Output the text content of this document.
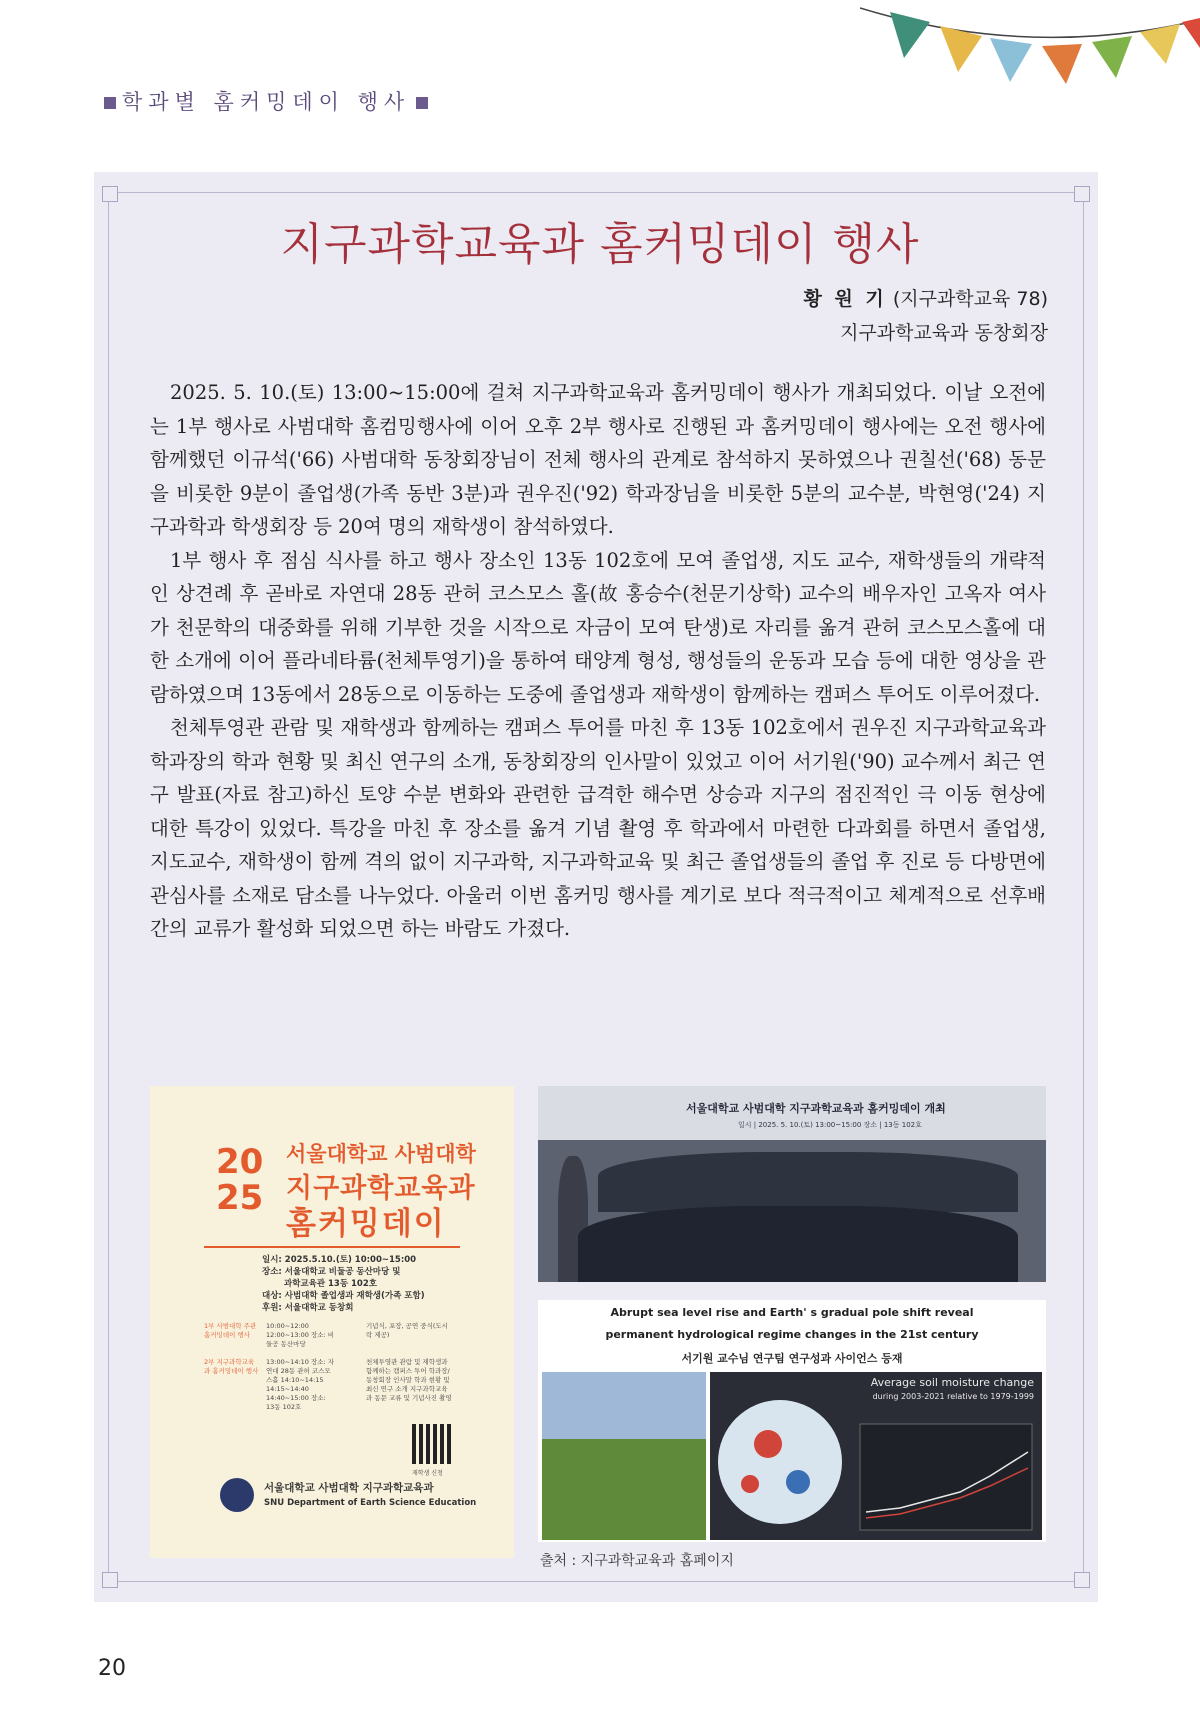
학과별 홈커밍데이 행사
지구과학교육과 홈커밍데이 행사
황 원 기 (지구과학교육 78)
지구과학교육과 동창회장

2025. 5. 10.(토) 13:00~15:00에 걸쳐 지구과학교육과 홈커밍데이 행사가 개최되었다. 이날 오전에는 1부 행사로 사범대학 홈컴밍행사에 이어 오후 2부 행사로 진행된 과 홈커밍데이 행사에는 오전 행사에 함께했던 이규석('66) 사범대학 동창회장님이 전체 행사의 관계로 참석하지 못하였으나 권칠선('68) 동문을 비롯한 9분이 졸업생(가족 동반 3분)과 권우진('92) 학과장님을 비롯한 5분의 교수분, 박현영('24) 지구과학과 학생회장 등 20여 명의 재학생이 참석하였다.

1부 행사 후 점심 식사를 하고 행사 장소인 13동 102호에 모여 졸업생, 지도 교수, 재학생들의 개략적인 상견례 후 곧바로 자연대 28동 관허 코스모스 홀(故 홍승수(천문기상학) 교수의 배우자인 고옥자 여사가 천문학의 대중화를 위해 기부한 것을 시작으로 자금이 모여 탄생)로 자리를 옮겨 관허 코스모스홀에 대한 소개에 이어 플라네타륨(천체투영기)을 통하여 태양계 형성, 행성들의 운동과 모습 등에 대한 영상을 관람하였으며 13동에서 28동으로 이동하는 도중에 졸업생과 재학생이 함께하는 캠퍼스 투어도 이루어졌다.

천체투영관 관람 및 재학생과 함께하는 캠퍼스 투어를 마친 후 13동 102호에서 권우진 지구과학교육과 학과장의 학과 현황 및 최신 연구의 소개, 동창회장의 인사말이 있었고 이어 서기원('90) 교수께서 최근 연구 발표(자료 참고)하신 토양 수분 변화와 관련한 급격한 해수면 상승과 지구의 점진적인 극 이동 현상에 대한 특강이 있었다. 특강을 마친 후 장소를 옮겨 기념 촬영 후 학과에서 마련한 다과회를 하면서 졸업생, 지도교수, 재학생이 함께 격의 없이 지구과학, 지구과학교육 및 최근 졸업생들의 졸업 후 진로 등 다방면에 관심사를 소재로 담소를 나누었다. 아울러 이번 홈커밍 행사를 계기로 보다 적극적이고 체계적으로 선후배 간의 교류가 활성화 되었으면 하는 바람도 가졌다.

20
25
서울대학교 사범대학
지구과학교육과
홈커밍데이
일시: 2025.5.10.(토) 10:00~15:00
장소: 서울대학교 비둘공 동산마당 및
과학교육관 13동 102호
대상: 사범대학 졸업생과 재학생(가족 포함)
후원: 서울대학교 동창회
1부 사범대학 주관 홈커밍데이 행사
10:00~12:00 12:00~13:00 장소: 비둘공 동산마당
기념식, 포장, 공연 중식(도시락 제공)
2부 지구과학교육과 홈커밍데이 행사
13:00~14:10 장소: 자연대 28동 관허 코스모스홀 14:10~14:15 14:15~14:40 14:40~15:00 장소: 13동 102호
천체투영관 관람 및 재학생과 함께하는 캠퍼스 투어 학과장/동창회장 인사말 학과 현황 및 최신 연구 소개 지구과학교육과 동문 교류 및 기념사진 촬영
재학생 신청
서울대학교 사범대학 지구과학교육과
SNU Department of Earth Science Education
서울대학교 사범대학 지구과학교육과 홈커밍데이 개최
일시 | 2025. 5. 10.(토) 13:00~15:00 장소 | 13동 102호
Abrupt sea level rise and Earth' s gradual pole shift reveal
permanent hydrological regime changes in the 21st century
서기원 교수님 연구팀 연구성과 사이언스 등재
Average soil moisture change
during 2003-2021 relative to 1979-1999
출처 : 지구과학교육과 홈페이지
20
